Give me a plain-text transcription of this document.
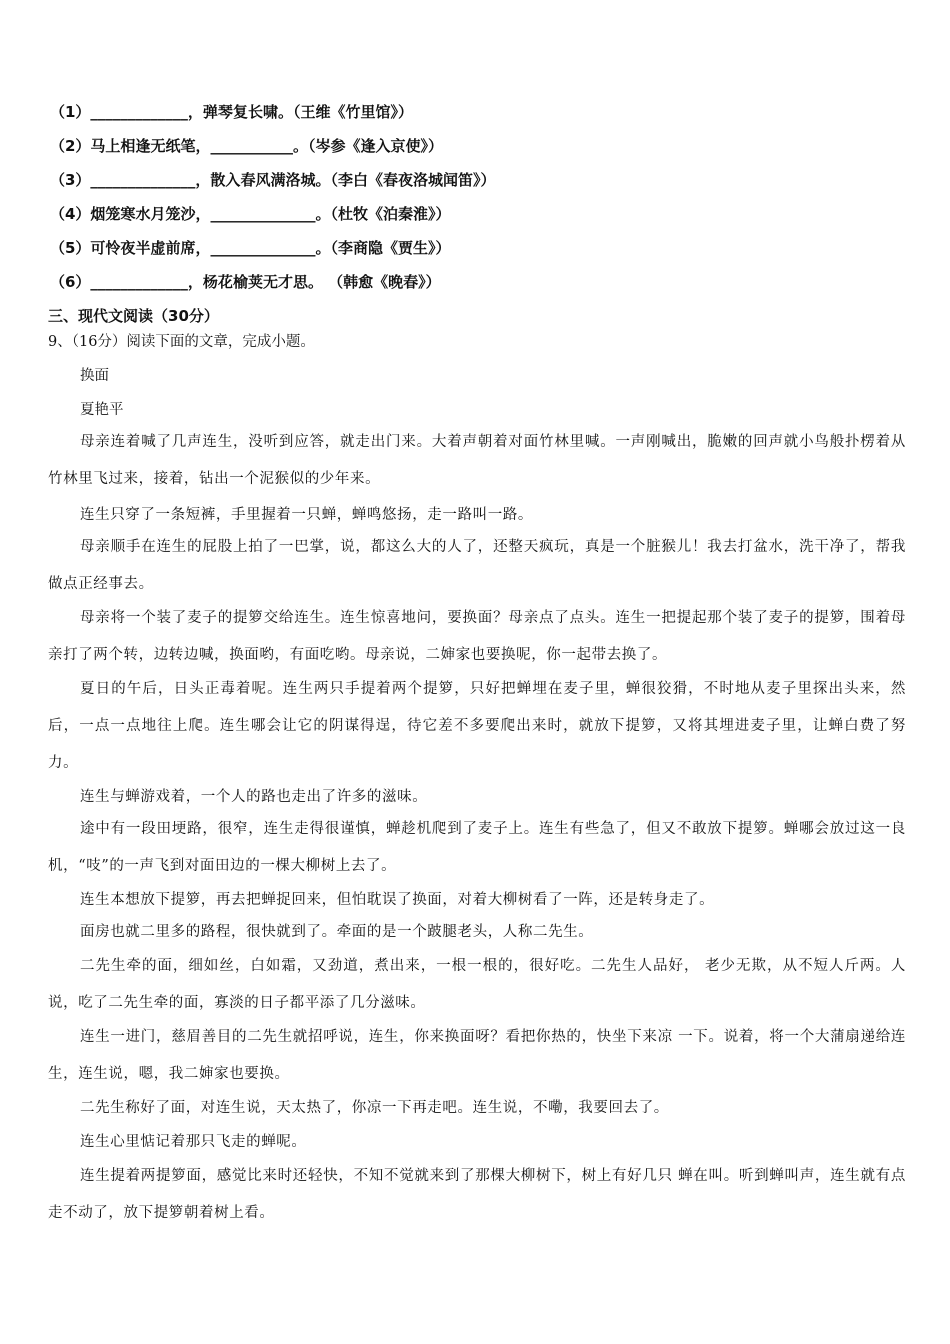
（1）_____________，弹琴复长啸。（王维《竹里馆》）
（2）马上相逢无纸笔，___________。（岑参《逢入京使》）
（3）______________，散入春风满洛城。（李白《春夜洛城闻笛》）
（4）烟笼寒水月笼沙，______________。（杜牧《泊秦淮》）
（5）可怜夜半虚前席，______________。（李商隐《贾生》）
（6）_____________，杨花榆荚无才思。 （韩愈《晚春》）
三、现代文阅读（30分）
9、（16分）阅读下面的文章，完成小题。
换面
夏艳平
母亲连着喊了几声连生，没听到应答，就走出门来。大着声朝着对面竹林里喊。一声刚喊出，脆嫩的回声就小鸟般扑楞着从竹林里飞过来，接着，钻出一个泥猴似的少年来。
连生只穿了一条短裤，手里握着一只蝉，蝉鸣悠扬，走一路叫一路。
母亲顺手在连生的屁股上拍了一巴掌，说，都这么大的人了，还整天疯玩，真是一个脏猴儿！我去打盆水，洗干净了，帮我做点正经事去。
母亲将一个装了麦子的提箩交给连生。连生惊喜地问，要换面？母亲点了点头。连生一把提起那个装了麦子的提箩，围着母亲打了两个转，边转边喊，换面哟，有面吃哟。母亲说，二婶家也要换呢，你一起带去换了。
夏日的午后，日头正毒着呢。连生两只手提着两个提箩，只好把蝉埋在麦子里，蝉很狡猾，不时地从麦子里探出头来，然后，一点一点地往上爬。连生哪会让它的阴谋得逞，待它差不多要爬出来时，就放下提箩，又将其埋进麦子里，让蝉白费了努力。
连生与蝉游戏着，一个人的路也走出了许多的滋味。
途中有一段田埂路，很窄，连生走得很谨慎，蝉趁机爬到了麦子上。连生有些急了，但又不敢放下提箩。蝉哪会放过这一良机，“吱”的一声飞到对面田边的一棵大柳树上去了。
连生本想放下提箩，再去把蝉捉回来，但怕耽误了换面，对着大柳树看了一阵，还是转身走了。
面房也就二里多的路程，很快就到了。牵面的是一个跛腿老头，人称二先生。
二先生牵的面，细如丝，白如霜，又劲道，煮出来，一根一根的，很好吃。二先生人品好， 老少无欺，从不短人斤两。人说，吃了二先生牵的面，寡淡的日子都平添了几分滋味。
连生一进门，慈眉善目的二先生就招呼说，连生，你来换面呀？看把你热的，快坐下来凉 一下。说着，将一个大蒲扇递给连生，连生说，嗯，我二婶家也要换。
二先生称好了面，对连生说，天太热了，你凉一下再走吧。连生说，不嘞，我要回去了。
连生心里惦记着那只飞走的蝉呢。
连生提着两提箩面，感觉比来时还轻快，不知不觉就来到了那棵大柳树下，树上有好几只 蝉在叫。听到蝉叫声，连生就有点走不动了，放下提箩朝着树上看。
